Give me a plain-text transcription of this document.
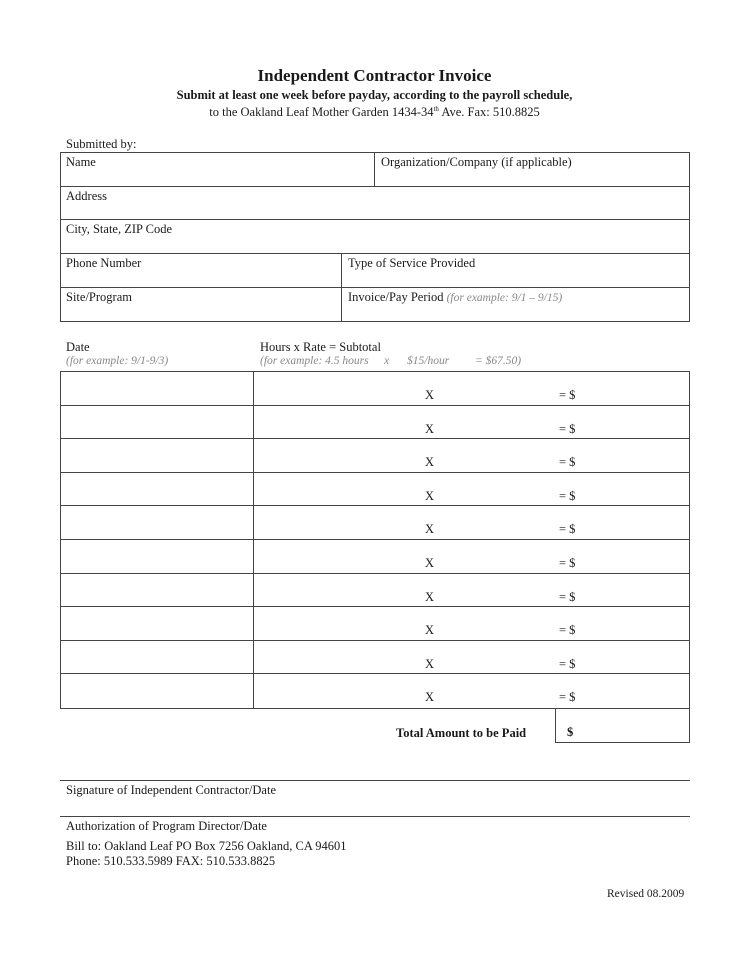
Independent Contractor Invoice
Submit at least one week before payday, according to the payroll schedule,
to the Oakland Leaf Mother Garden 1434-34th Ave. Fax: 510.8825
Submitted by:
Name	Organization/Company (if applicable)
Address
City, State, ZIP Code
Phone Number	Type of Service Provided
Site/Program	Invoice/Pay Period (for example: 9/1 – 9/15)
Date
(for example: 9/1-9/3)
Hours x Rate = Subtotal
(for example: 4.5 hours x $15/hour = $67.50)
X	= $
X	= $
X	= $
X	= $
X	= $
X	= $
X	= $
X	= $
X	= $
X	= $
Total Amount to be Paid	$
Signature of Independent Contractor/Date
Authorization of Program Director/Date
Bill to: Oakland Leaf PO Box 7256 Oakland, CA 94601
Phone: 510.533.5989 FAX: 510.533.8825
Revised 08.2009
